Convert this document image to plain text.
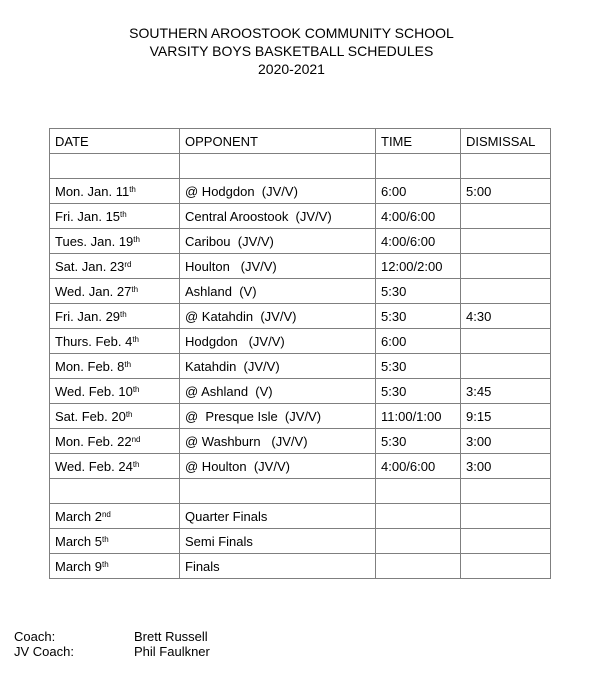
SOUTHERN AROOSTOOK COMMUNITY SCHOOL
VARSITY BOYS BASKETBALL SCHEDULES
2020-2021
DATE	OPPONENT	TIME	DISMISSAL

Mon. Jan. 11th	@ Hodgdon  (JV/V)	6:00	5:00
Fri. Jan. 15th	Central Aroostook  (JV/V)	4:00/6:00	
Tues. Jan. 19th	Caribou  (JV/V)	4:00/6:00	
Sat. Jan. 23rd	Houlton   (JV/V)	12:00/2:00	
Wed. Jan. 27th	Ashland  (V)	5:30	
Fri. Jan. 29th	@ Katahdin  (JV/V)	5:30	4:30
Thurs. Feb. 4th	Hodgdon   (JV/V)	6:00	
Mon. Feb. 8th	Katahdin  (JV/V)	5:30	
Wed. Feb. 10th	@ Ashland  (V)	5:30	3:45
Sat. Feb. 20th	@  Presque Isle  (JV/V)	11:00/1:00	9:15
Mon. Feb. 22nd	@ Washburn   (JV/V)	5:30	3:00
Wed. Feb. 24th	@ Houlton  (JV/V)	4:00/6:00	3:00

March 2nd	Quarter Finals		
March 5th	Semi Finals		
March 9th	Finals		
Coach:	Brett Russell
JV Coach:	Phil Faulkner
